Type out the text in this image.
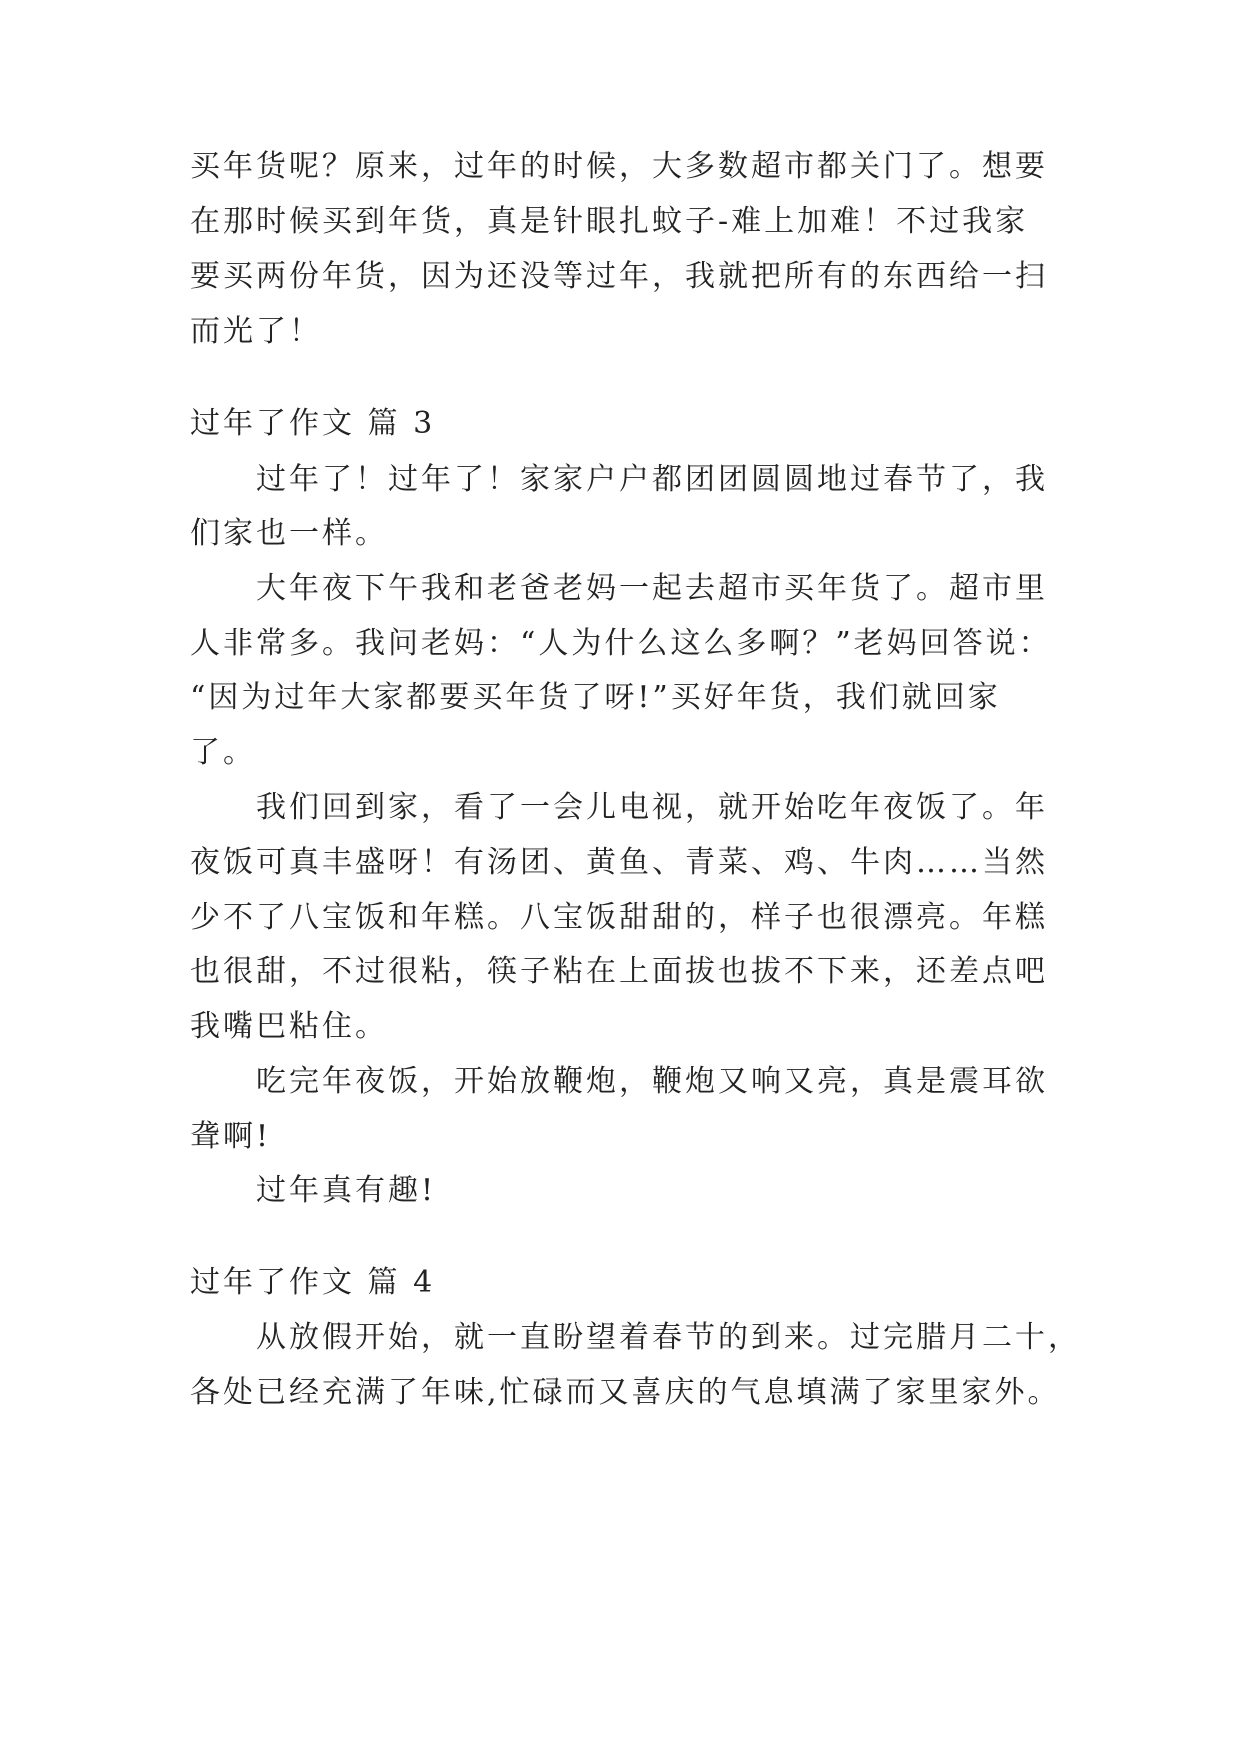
买年货呢？原来，过年的时候，大多数超市都关门了。想要
在那时候买到年货，真是针眼扎蚊子-难上加难！不过我家
要买两份年货，因为还没等过年，我就把所有的东西给一扫
而光了！
过年了作文 篇 3
过年了！过年了！家家户户都团团圆圆地过春节了，我
们家也一样。
大年夜下午我和老爸老妈一起去超市买年货了。超市里
人非常多。我问老妈：“人为什么这么多啊？”老妈回答说：
“因为过年大家都要买年货了呀!”买好年货，我们就回家
了。
我们回到家，看了一会儿电视，就开始吃年夜饭了。年
夜饭可真丰盛呀！有汤团、黄鱼、青菜、鸡、牛肉……当然
少不了八宝饭和年糕。八宝饭甜甜的，样子也很漂亮。年糕
也很甜，不过很粘，筷子粘在上面拔也拔不下来，还差点吧
我嘴巴粘住。
吃完年夜饭，开始放鞭炮，鞭炮又响又亮，真是震耳欲
聋啊!
过年真有趣!
过年了作文 篇 4
从放假开始，就一直盼望着春节的到来。过完腊月二十，
各处已经充满了年味,忙碌而又喜庆的气息填满了家里家外。
